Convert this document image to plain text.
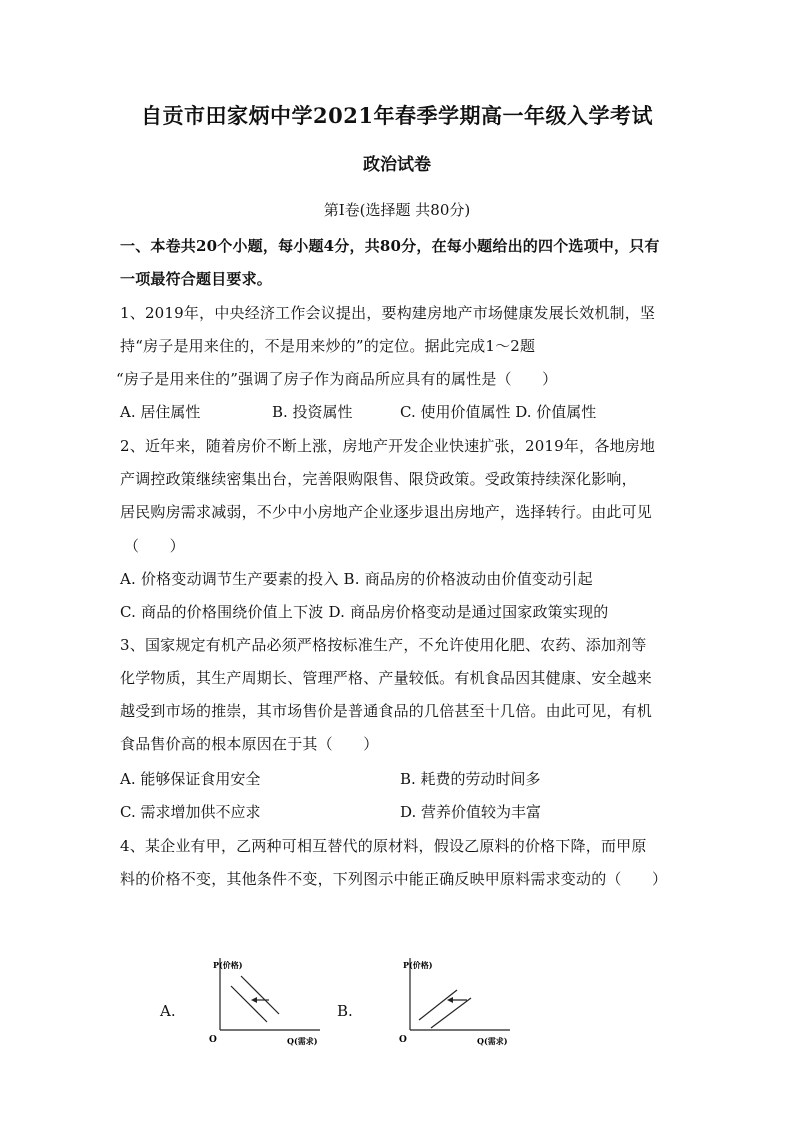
自贡市田家炳中学2021年春季学期高一年级入学考试
政治试卷
第Ⅰ卷(选择题 共80分)
一、本卷共20个小题，每小题4分，共80分，在每小题给出的四个选项中，只有
一项最符合题目要求。
1、2019年，中央经济工作会议提出，要构建房地产市场健康发展长效机制，坚
持“房子是用来住的，不是用来炒的”的定位。据此完成1～2题
“房子是用来住的”强调了房子作为商品所应具有的属性是（　　）
A. 居住属性	B. 投资属性	C. 使用价值属性 D. 价值属性
2、近年来，随着房价不断上涨，房地产开发企业快速扩张，2019年，各地房地
产调控政策继续密集出台，完善限购限售、限贷政策。受政策持续深化影响，
居民购房需求减弱，不少中小房地产企业逐步退出房地产，选择转行。由此可见
（　　）
A. 价格变动调节生产要素的投入 B. 商品房的价格波动由价值变动引起
C. 商品的价格围绕价值上下波 D. 商品房价格变动是通过国家政策实现的
3、国家规定有机产品必须严格按标准生产，不允许使用化肥、农药、添加剂等
化学物质，其生产周期长、管理严格、产量较低。有机食品因其健康、安全越来
越受到市场的推崇，其市场售价是普通食品的几倍甚至十几倍。由此可见，有机
食品售价高的根本原因在于其（　　）
A. 能够保证食用安全	B. 耗费的劳动时间多
C. 需求增加供不应求	D. 营养价值较为丰富
4、某企业有甲，乙两种可相互替代的原材料，假设乙原料的价格下降，而甲原
料的价格不变，其他条件不变，下列图示中能正确反映甲原料需求变动的（　　）
A.
P(价格)
O	Q(需求)
B.
P(价格)
O	Q(需求)
